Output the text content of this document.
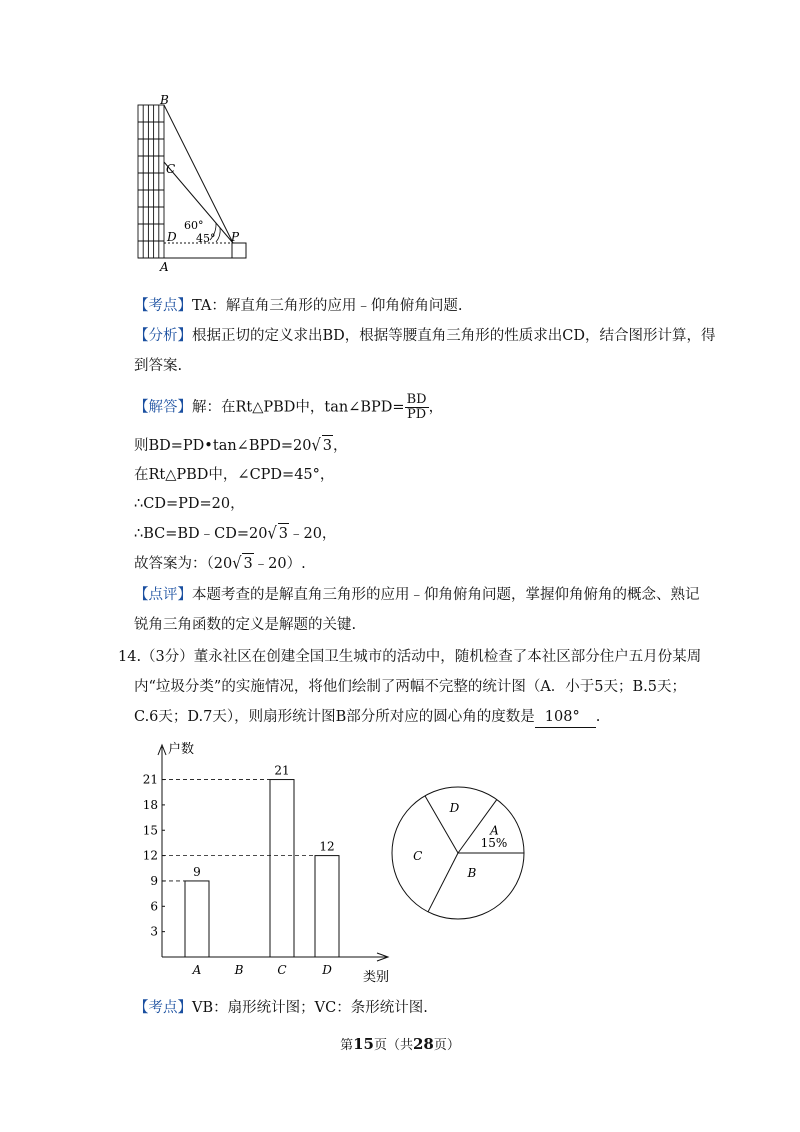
B
C
D
A
P
60°
45°
【考点】TA：解直角三角形的应用﹣仰角俯角问题.
【分析】根据正切的定义求出BD，根据等腰直角三角形的性质求出CD，结合图形计算，得
到答案.
【解答】解：在Rt△PBD中，tan∠BPD= $\frac{BD}{PD}$ ，
则BD=PD•tan∠BPD=20√ 3，
在Rt△PBD中，∠CPD=45°，
∴CD=PD=20，
∴BC=BD﹣CD=20√ 3﹣20，
故答案为：（20√ 3﹣20）.
【点评】本题考查的是解直角三角形的应用﹣仰角俯角问题，掌握仰角俯角的概念、熟记
锐角三角函数的定义是解题的关键.
14.（3分）董永社区在创建全国卫生城市的活动中，随机检查了本社区部分住户五月份某周
内“垃圾分类”的实施情况，将他们绘制了两幅不完整的统计图（A．小于5天；B.5天；
C.6天；D.7天），则扇形统计图B部分所对应的圆心角的度数是 108° .
户数
类别
3
6
9
12
15
18
21
A
9
B	C
21
D
12
A
B
C
D
15%
【考点】VB：扇形统计图；VC：条形统计图.
第15页（共28页）
